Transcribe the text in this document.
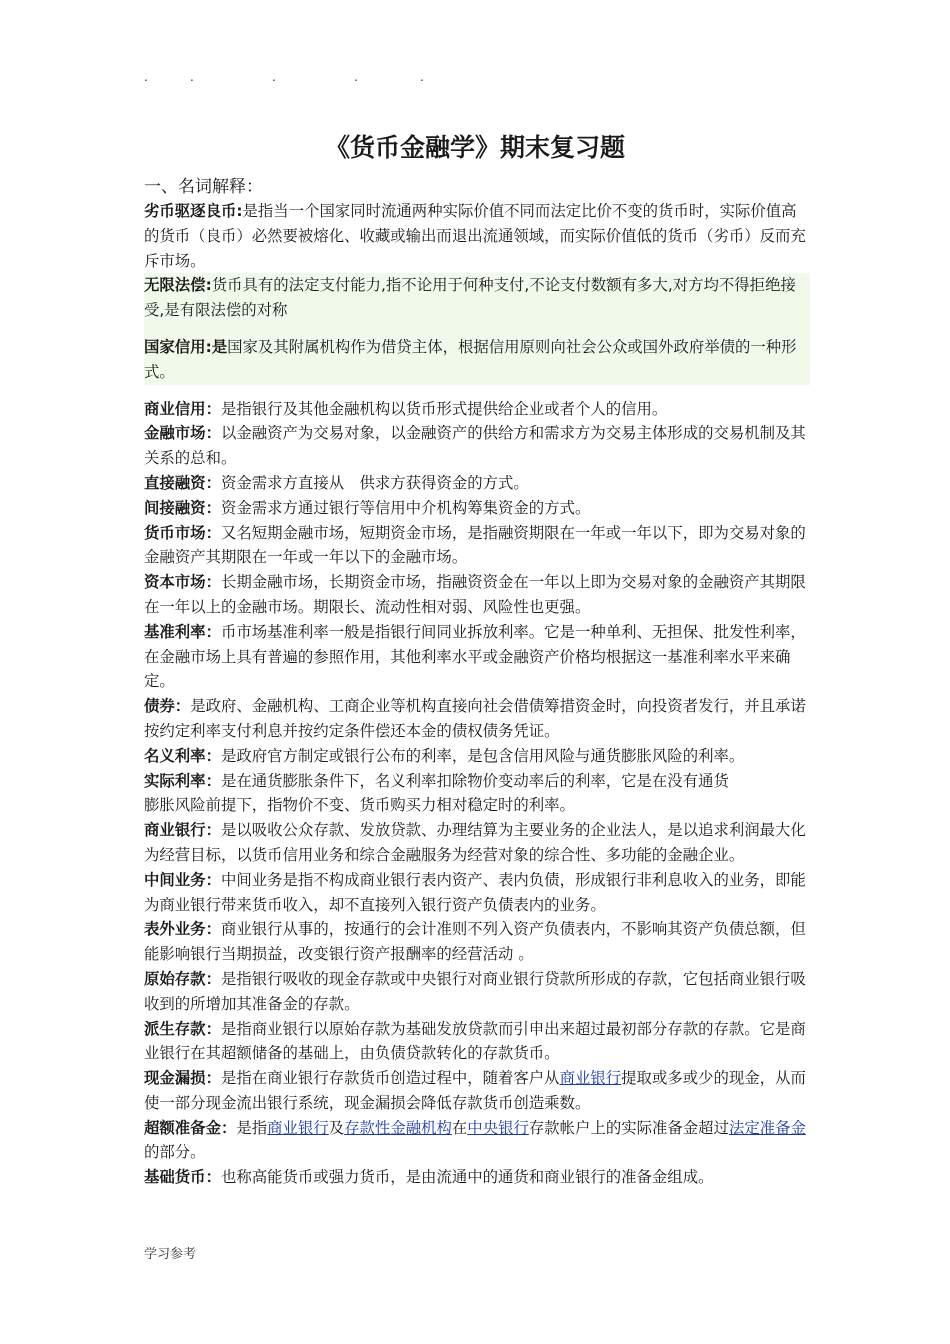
.	.	.	.	.
《货币金融学》期末复习题
一、名词解释：

劣币驱逐良币:是指当一个国家同时流通两种实际价值不同而法定比价不变的货币时，实际价值高的货币（良币）必然要被熔化、收藏或输出而退出流通领域，而实际价值低的货币（劣币）反而充斥市场。

无限法偿:货币具有的法定支付能力,指不论用于何种支付,不论支付数额有多大,对方均不得拒绝接受,是有限法偿的对称

国家信用:是国家及其附属机构作为借贷主体，根据信用原则向社会公众或国外政府举债的一种形式。

商业信用：是指银行及其他金融机构以货币形式提供给企业或者个人的信用。

金融市场：以金融资产为交易对象，以金融资产的供给方和需求方为交易主体形成的交易机制及其关系的总和。

直接融资：资金需求方直接从　供求方获得资金的方式。

间接融资：资金需求方通过银行等信用中介机构筹集资金的方式。

货币市场：又名短期金融市场，短期资金市场，是指融资期限在一年或一年以下，即为交易对象的金融资产其期限在一年或一年以下的金融市场。

资本市场：长期金融市场，长期资金市场，指融资资金在一年以上即为交易对象的金融资产其期限在一年以上的金融市场。期限长、流动性相对弱、风险性也更强。

基准利率：币市场基准利率一般是指银行间同业拆放利率。它是一种单利、无担保、批发性利率，在金融市场上具有普遍的参照作用，其他利率水平或金融资产价格均根据这一基准利率水平来确定。

债券：是政府、金融机构、工商企业等机构直接向社会借债筹措资金时，向投资者发行，并且承诺按约定利率支付利息并按约定条件偿还本金的债权债务凭证。

名义利率：是政府官方制定或银行公布的利率，是包含信用风险与通货膨胀风险的利率。

实际利率：是在通货膨胀条件下，名义利率扣除物价变动率后的利率，它是在没有通货
膨胀风险前提下，指物价不变、货币购买力相对稳定时的利率。

商业银行：是以吸收公众存款、发放贷款、办理结算为主要业务的企业法人，是以追求利润最大化为经营目标，以货币信用业务和综合金融服务为经营对象的综合性、多功能的金融企业。

中间业务：中间业务是指不构成商业银行表内资产、表内负债，形成银行非利息收入的业务，即能为商业银行带来货币收入，却不直接列入银行资产负债表内的业务。

表外业务：商业银行从事的，按通行的会计准则不列入资产负债表内，不影响其资产负债总额，但能影响银行当期损益，改变银行资产报酬率的经营活动 。

原始存款：是指银行吸收的现金存款或中央银行对商业银行贷款所形成的存款，它包括商业银行吸收到的所增加其准备金的存款。

派生存款：是指商业银行以原始存款为基础发放贷款而引申出来超过最初部分存款的存款。它是商业银行在其超额储备的基础上，由负债贷款转化的存款货币。

现金漏损：是指在商业银行存款货币创造过程中，随着客户从商业银行提取或多或少的现金，从而使一部分现金流出银行系统，现金漏损会降低存款货币创造乘数。

超额准备金：是指商业银行及存款性金融机构在中央银行存款帐户上的实际准备金超过法定准备金的部分。

基础货币：也称高能货币或强力货币，是由流通中的通货和商业银行的准备金组成。

学习参考
